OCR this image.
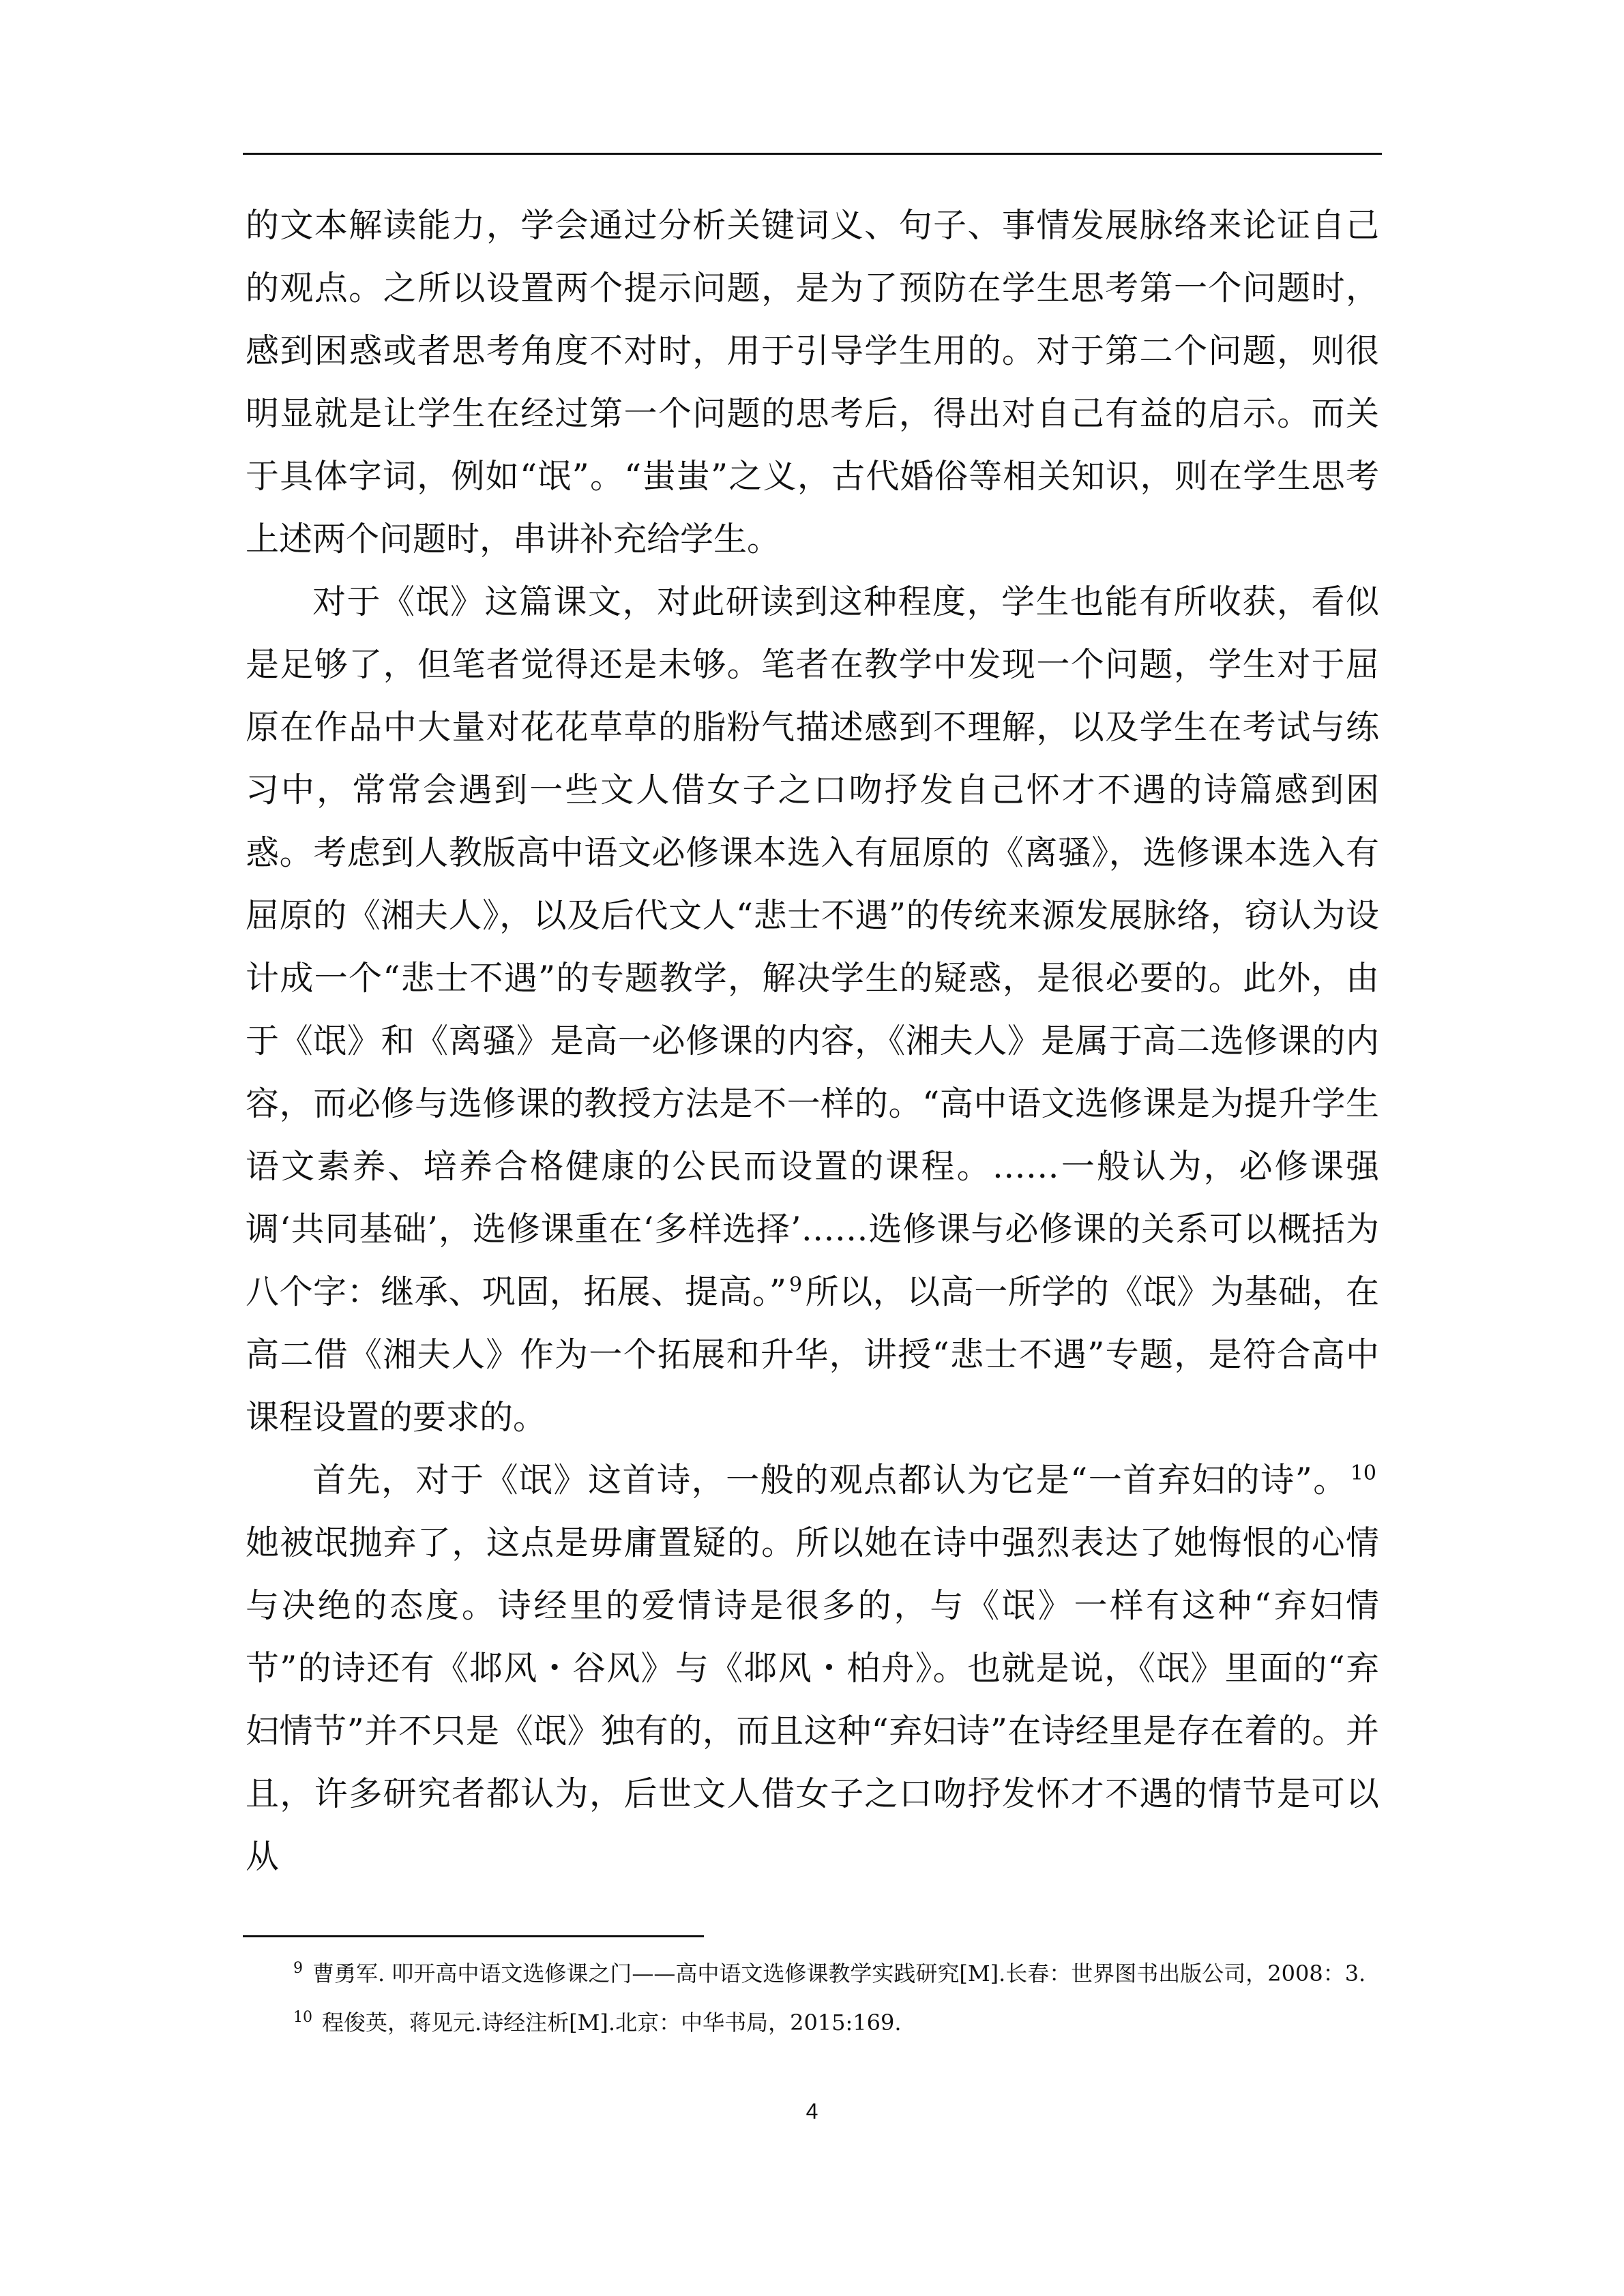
的文本解读能力，学会通过分析关键词义、句子、事情发展脉络来论证自己的观点。之所以设置两个提示问题，是为了预防在学生思考第一个问题时，感到困惑或者思考角度不对时，用于引导学生用的。对于第二个问题，则很明显就是让学生在经过第一个问题的思考后，得出对自己有益的启示。而关于具体字词，例如“氓”。“蚩蚩”之义，古代婚俗等相关知识，则在学生思考上述两个问题时，串讲补充给学生。

对于《氓》这篇课文，对此研读到这种程度，学生也能有所收获，看似是足够了，但笔者觉得还是未够。笔者在教学中发现一个问题，学生对于屈原在作品中大量对花花草草的脂粉气描述感到不理解，以及学生在考试与练习中，常常会遇到一些文人借女子之口吻抒发自己怀才不遇的诗篇感到困惑。考虑到人教版高中语文必修课本选入有屈原的《离骚》，选修课本选入有屈原的《湘夫人》，以及后代文人“悲士不遇”的传统来源发展脉络，窃认为设计成一个“悲士不遇”的专题教学，解决学生的疑惑，是很必要的。此外，由于《氓》和《离骚》是高一必修课的内容，《湘夫人》是属于高二选修课的内容，而必修与选修课的教授方法是不一样的。“高中语文选修课是为提升学生语文素养、培养合格健康的公民而设置的课程。……一般认为，必修课强调‘共同基础’，选修课重在‘多样选择’……选修课与必修课的关系可以概括为八个字：继承、巩固，拓展、提高。” $^9$所以，以高一所学的《氓》为基础，在高二借《湘夫人》作为一个拓展和升华，讲授“悲士不遇”专题，是符合高中课程设置的要求的。

首先，对于《氓》这首诗，一般的观点都认为它是“一首弃妇的诗”。 $^{10}$她被氓抛弃了，这点是毋庸置疑的。所以她在诗中强烈表达了她悔恨的心情与决绝的态度。诗经里的爱情诗是很多的，与《氓》一样有这种“弃妇情节”的诗还有《邶风・谷风》与《邶风・柏舟》。也就是说，《氓》里面的“弃妇情节”并不只是《氓》独有的，而且这种“弃妇诗”在诗经里是存在着的。并且，许多研究者都认为，后世文人借女子之口吻抒发怀才不遇的情节是可以从

$^9$ 曹勇军. 叩开高中语文选修课之门——高中语文选修课教学实践研究[M].长春：世界图书出版公司，2008：3.

$^{10}$ 程俊英，蒋见元.诗经注析[M].北京：中华书局，2015:169.

4
